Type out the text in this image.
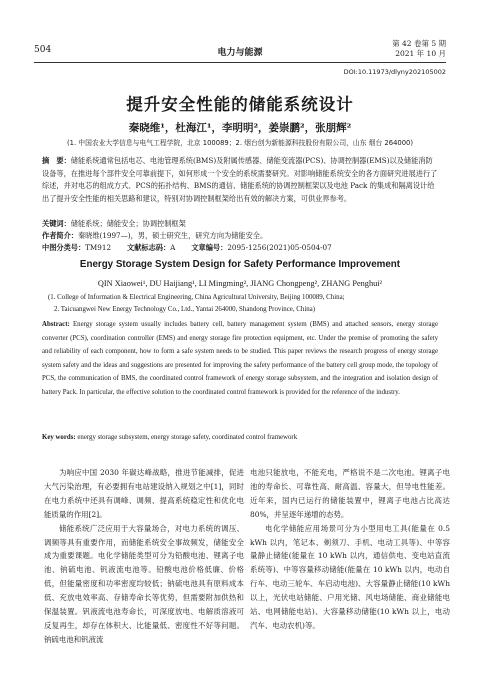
504	电力与能源
第 42 卷第 5 期
2021 年 10 月
DOI:10.11973/dlyny202105002
提升安全性能的储能系统设计
秦晓维¹，杜海江¹，李明明²，姜崇鹏²，张朋辉²
(1. 中国农业大学信息与电气工程学院，北京 100089；2. 烟台创为新能源科技股份有限公司，山东 烟台 264000)
摘　要：储能系统通常包括电芯、电池管理系统(BMS)及附属传感器、储能变流器(PCS)、协调控制器(EMS)以及储能消防设备等，在推进每个部件安全可靠前提下，如何形成一个安全的系统需要研究。对影响储能系统安全的各方面研究进展进行了综述，并对电芯的组成方式、PCS的拓扑结构、BMS的通信、储能系统的协调控制框架以及电池 Pack 的集成和隔离设计给出了提升安全性能的相关思路和建议，特别对协调控制框架给出有效的解决方案，可供业界参考。
关键词：储能系统；储能安全；协调控制框架
作者简介：秦晓维(1997—)，男，硕士研究生，研究方向为储能安全。
中图分类号：TM912 文献标志码：A 文章编号：2095-1256(2021)05-0504-07
Energy Storage System Design for Safety Performance Improvement
QIN Xiaowei¹, DU Haijiang¹, LI Mingming², JIANG Chongpeng², ZHANG Penghui²
(1. College of Information & Electrical Engineering, China Agricultural University, Beijing 100089, China;
2. Taicuangwei New Energy Technology Co., Ltd., Yantai 264000, Shandong Province, China)
Abstract: Energy storage system usually includes battery cell, battery management system (BMS) and attached sensors, energy storage converter (PCS), coordination controller (EMS) and energy storage fire protection equipment, etc. Under the premise of promoting the safety and reliability of each component, how to form a safe system needs to be studied. This paper reviews the research progress of energy storage system safety and the ideas and suggestions are presented for improving the safety performance of the battery cell group mode, the topology of PCS, the communication of BMS, the coordinated control framework of energy storage subsystem, and the integration and isolation design of battery Pack. In particular, the effective solution to the coordinated control framework is provided for the reference of the industry.
Key words: energy storage subsystem, energy storage safety, coordinated control framework

为响应中国 2030 年碳达峰战略，推进节能减排，促进大气污染治理，有必要拥有电站建设纳入规划之中[1]，同时在电力系统中还具有调峰、调频、提高系统稳定性和优化电能质量的作用[2]。

储能系统广泛应用于大容量场合，对电力系统的调压、调频等具有重要作用，而储能系统安全事故频发，储能安全成为重要课题。电化学储能类型可分为铅酸电池、锂离子电池、钠硫电池、钒液流电池等。铅酸电池价格低廉、价格低，但能量密度和功率密度均较低；钠硫电池具有原料成本低、充放电效率高、存储寿命长等优势，但需要附加供热和保温装置。钒液流电池寿命长，可深度放电、电解质溶液可反复再生，却存在体积大、比能量低、密度性不好等问题。钠硫电池和钒液流

电池只能放电，不能充电，严格说不是二次电池。锂离子电池的寿命长、可靠性高、耐高温、容量大，但导电性能差。近年来，国内已运行的储能装置中，锂离子电池占比高达 80%，并呈逐年递增的态势。

电化学储能应用场景可分为小型用电工具(能量在 0.5 kWh 以内，笔记本、剃须刀、手机、电动工具等)、中等容量静止储能(能量在 10 kWh 以内，通信供电、变电站直流系统等)、中等容量移动储能(能量在 10 kWh 以内，电动自行车、电动三轮车、车启动电池)、大容量静止储能(10 kWh 以上，光伏电站储能、户用光储、风电场储能、商业储能电站、电网储能电站)、大容量移动储能(10 kWh 以上，电动汽车、电动农机)等。
